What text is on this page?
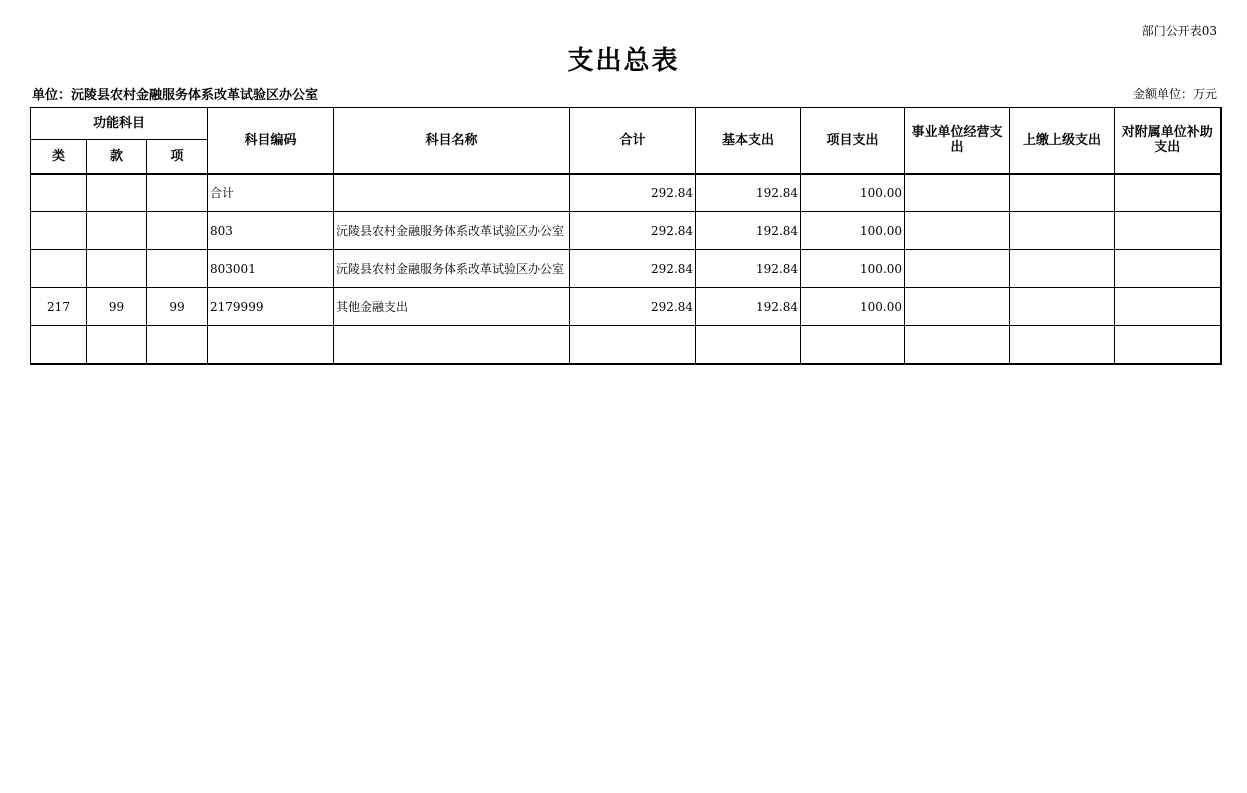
部门公开表03
支出总表
单位：沅陵县农村金融服务体系改革试验区办公室	金额单位：万元
功能科目			科目编码	科目名称	合计	基本支出	项目支出	事业单位经营支出	上缴上级支出	对附属单位补助支出
类	款	项								
			合计		292.84	192.84	100.00			
			803	沅陵县农村金融服务体系改革试验区办公室	292.84	192.84	100.00			
			803001	沅陵县农村金融服务体系改革试验区办公室	292.84	192.84	100.00			
217	99	99	2179999	其他金融支出	292.84	192.84	100.00			
